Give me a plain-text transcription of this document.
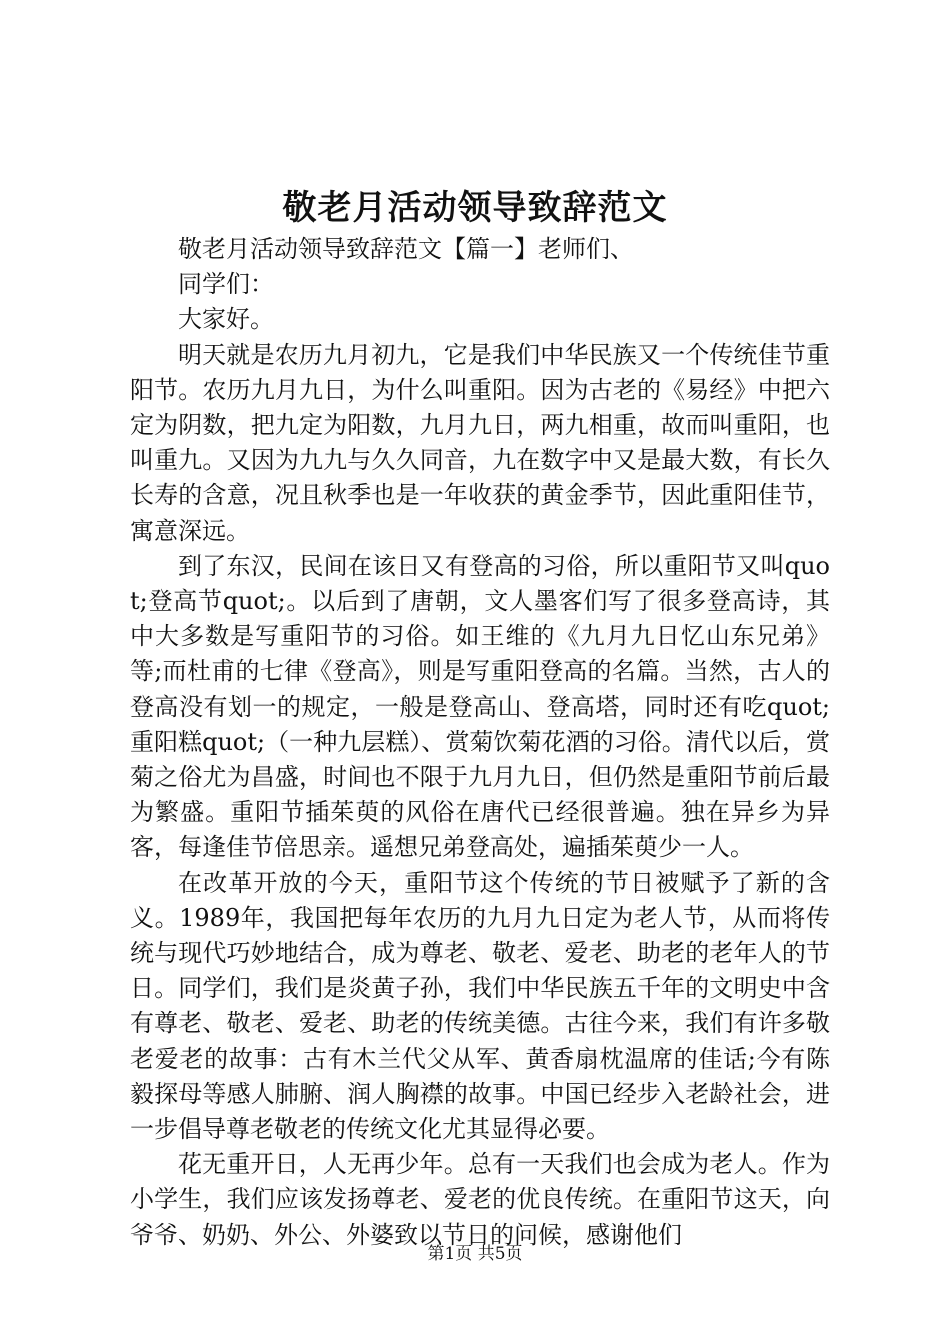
敬老月活动领导致辞范文

敬老月活动领导致辞范文【篇一】老师们、

同学们：

大家好。

明天就是农历九月初九，它是我们中华民族又一个传统佳节重阳节。农历九月九日，为什么叫重阳。因为古老的《易经》中把六定为阴数，把九定为阳数，九月九日，两九相重，故而叫重阳，也叫重九。又因为九九与久久同音，九在数字中又是最大数，有长久长寿的含意，况且秋季也是一年收获的黄金季节，因此重阳佳节，寓意深远。

到了东汉，民间在该日又有登高的习俗，所以重阳节又叫quot;登高节quot;。以后到了唐朝，文人墨客们写了很多登高诗，其中大多数是写重阳节的习俗。如王维的《九月九日忆山东兄弟》等;而杜甫的七律《登高》，则是写重阳登高的名篇。当然，古人的登高没有划一的规定，一般是登高山、登高塔，同时还有吃quot;重阳糕quot;（一种九层糕）、赏菊饮菊花酒的习俗。清代以后，赏菊之俗尤为昌盛，时间也不限于九月九日，但仍然是重阳节前后最为繁盛。重阳节插茱萸的风俗在唐代已经很普遍。独在异乡为异客，每逢佳节倍思亲。遥想兄弟登高处，遍插茱萸少一人。

在改革开放的今天，重阳节这个传统的节日被赋予了新的含义。1989年，我国把每年农历的九月九日定为老人节，从而将传统与现代巧妙地结合，成为尊老、敬老、爱老、助老的老年人的节日。同学们，我们是炎黄子孙，我们中华民族五千年的文明史中含有尊老、敬老、爱老、助老的传统美德。古往今来，我们有许多敬老爱老的故事：古有木兰代父从军、黄香扇枕温席的佳话;今有陈毅探母等感人肺腑、润人胸襟的故事。中国已经步入老龄社会，进一步倡导尊老敬老的传统文化尤其显得必要。

花无重开日，人无再少年。总有一天我们也会成为老人。作为小学生，我们应该发扬尊老、爱老的优良传统。在重阳节这天，向爷爷、奶奶、外公、外婆致以节日的问候，感谢他们

第1页 共5页
